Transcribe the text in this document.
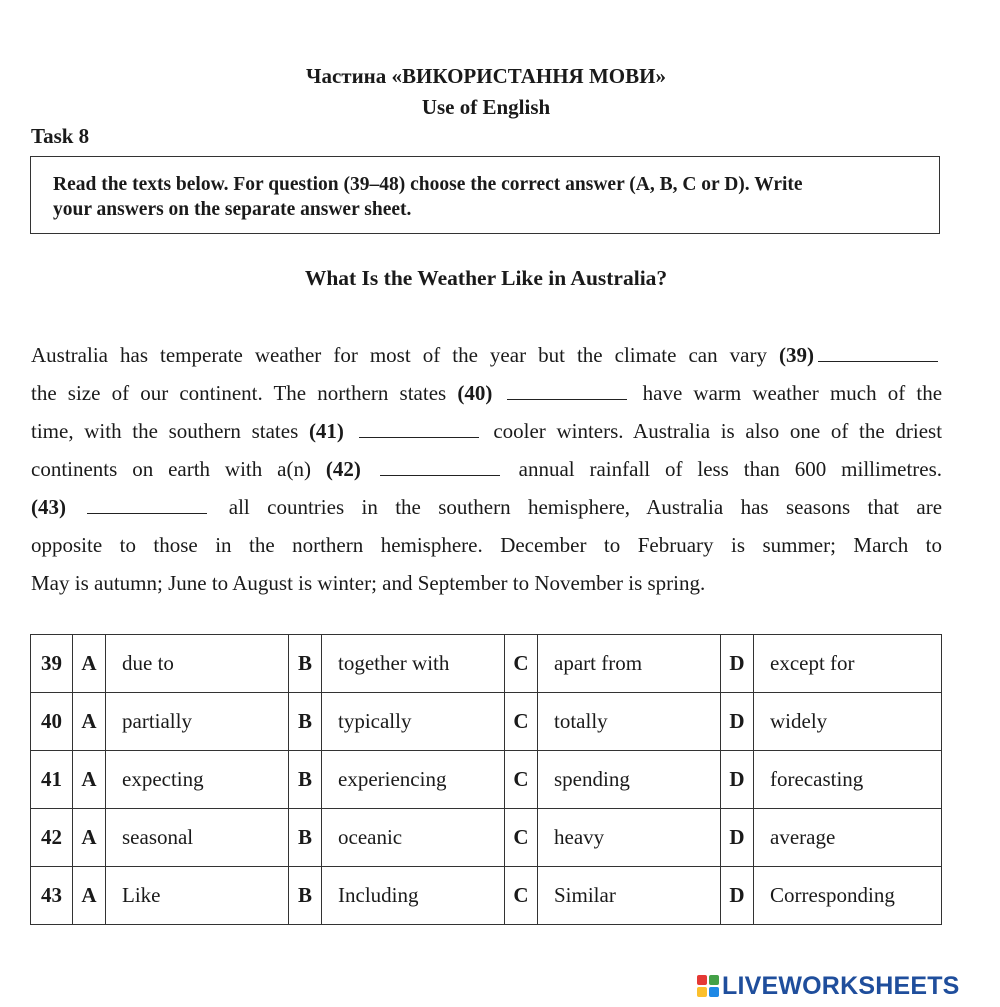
Частина «ВИКОРИСТАННЯ МОВИ»
Use of English
Task 8
Read the texts below. For question (39–48) choose the correct answer (A, B, C or D). Write
your answers on the separate answer sheet.
What Is the Weather Like in Australia?
Australia has temperate weather for most of the year but the climate can vary (39)
the size of our continent. The northern states (40)	have warm weather much of the
time, with the southern states (41)	cooler winters. Australia is also one of the driest
continents on earth with a(n) (42)	annual rainfall of less than 600 millimetres.
(43)	all countries in the southern hemisphere, Australia has seasons that are
opposite to those in the northern hemisphere. December to February is summer; March to
May is autumn; June to August is winter; and September to November is spring.
39	A	due to	B	together with	C	apart from	D	except for
40	A	partially	B	typically	C	totally	D	widely
41	A	expecting	B	experiencing	C	spending	D	forecasting
42	A	seasonal	B	oceanic	C	heavy	D	average
43	A	Like	B	Including	C	Similar	D	Corresponding
LIVEWORKSHEETS
